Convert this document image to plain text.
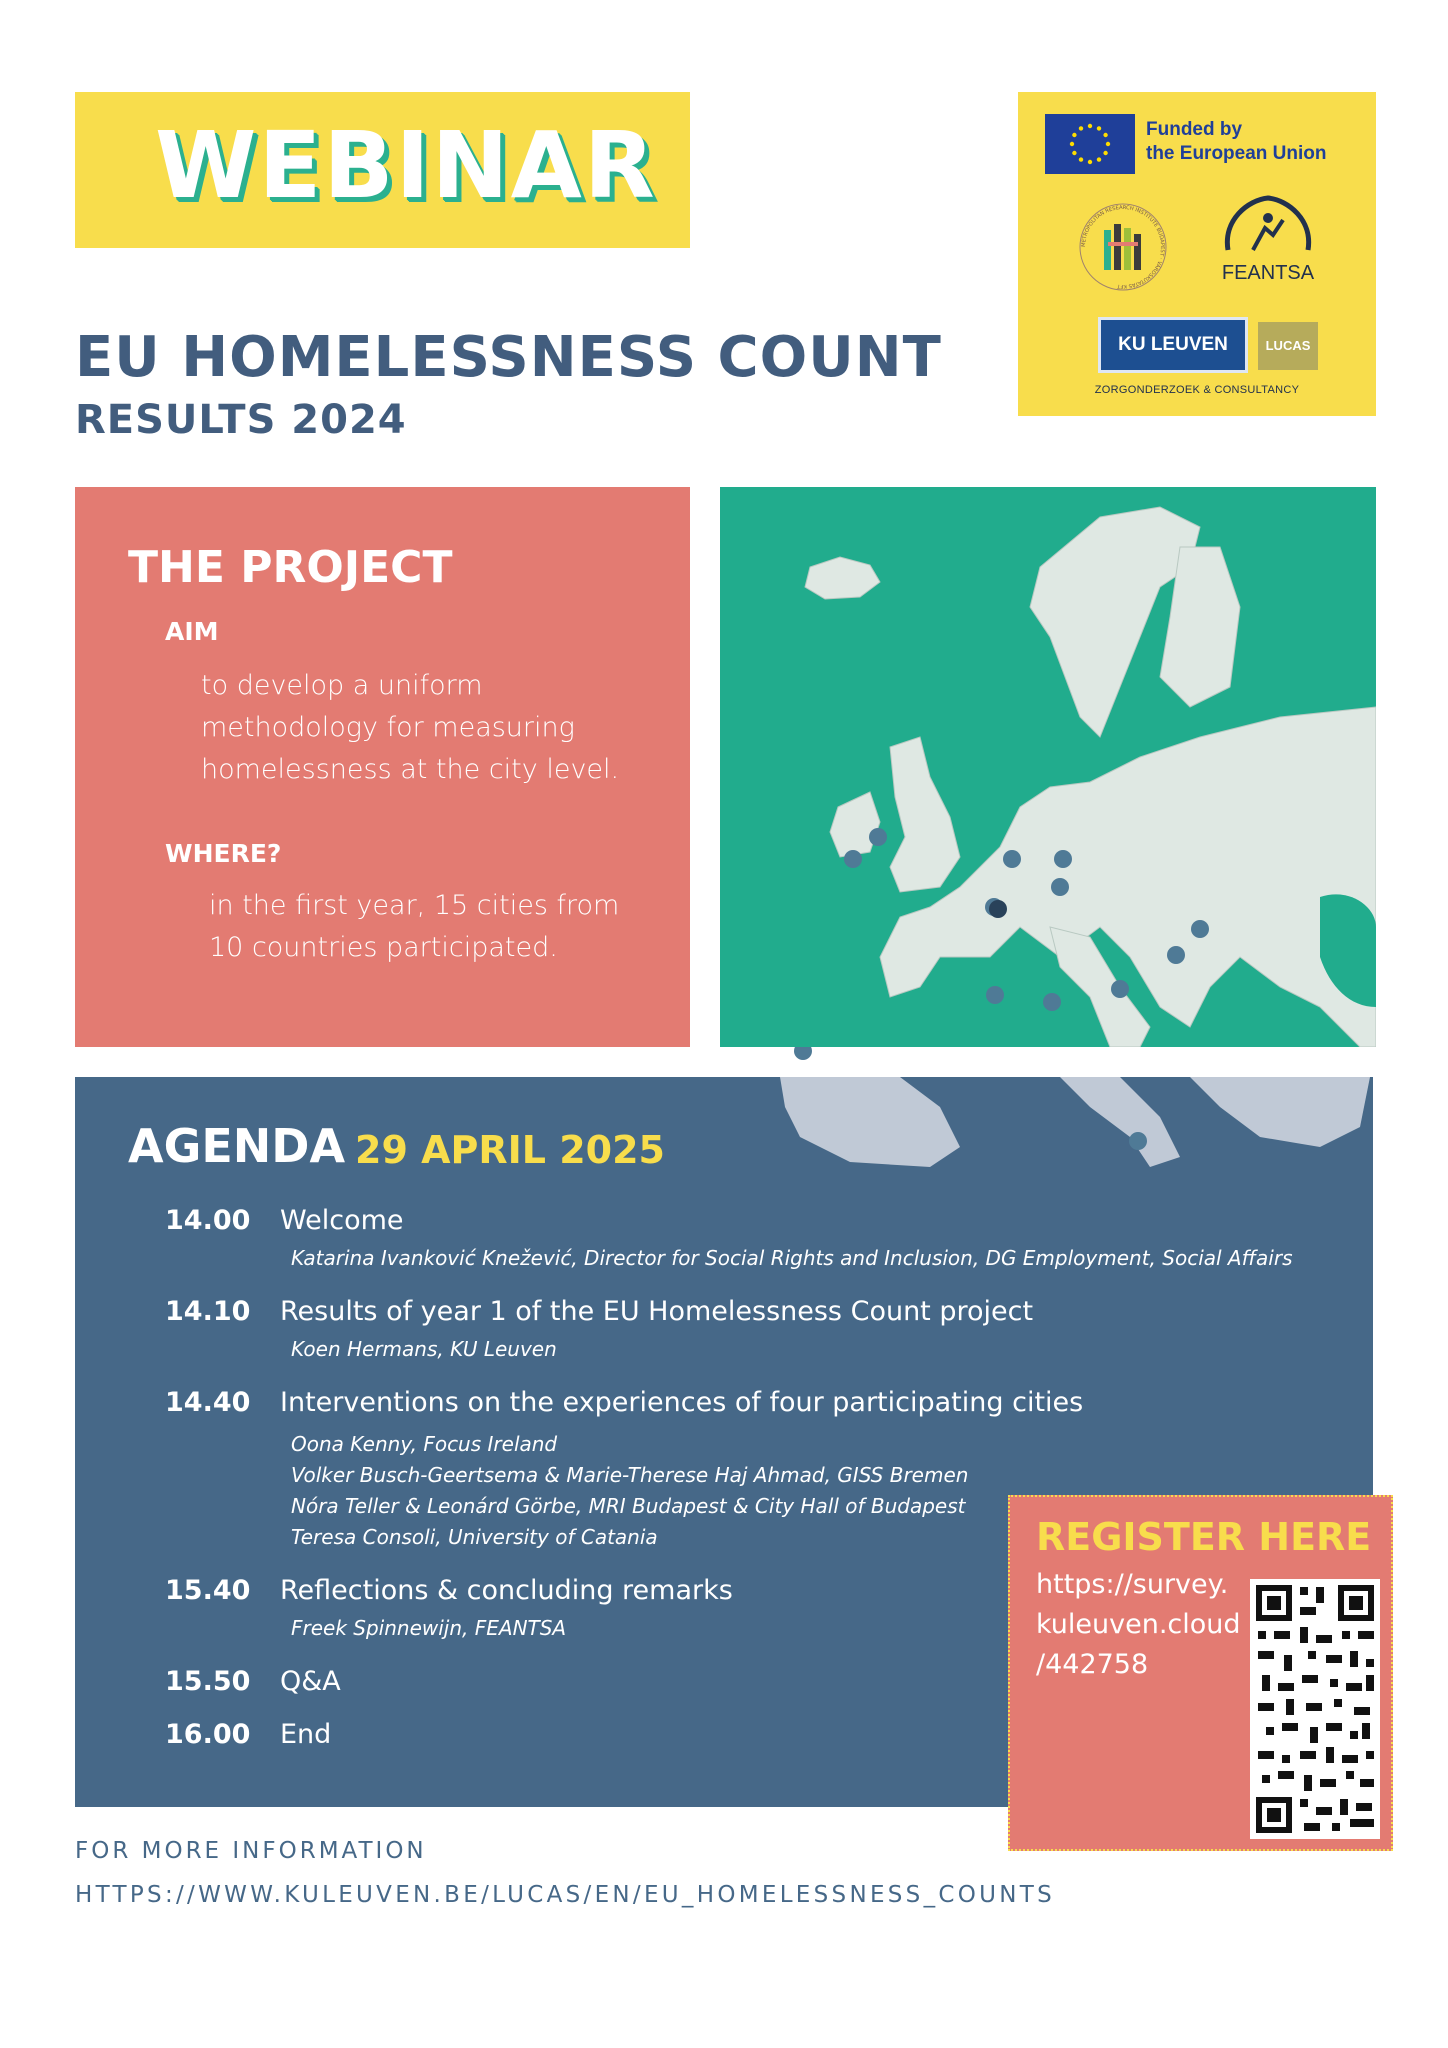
WEBINAR	Funded by
the European Union
METROPOLITAN RESEARCH INSTITUTE BUDAPEST · VÁROSKUTATÁS KFT
FEANTSA
KU LEUVEN	LUCAS
ZORGONDERZOEK & CONSULTANCY
EU HOMELESSNESS COUNT
RESULTS 2024
THE PROJECT
AIM
to develop a uniform
methodology for measuring
homelessness at the city level.
WHERE?
in the first year, 15 cities from
10 countries participated.
AGENDA 29 APRIL 2025
14.00 Welcome
Katarina Ivanković Knežević, Director for Social Rights and Inclusion, DG Employment, Social Affairs
14.10 Results of year 1 of the EU Homelessness Count project
Koen Hermans, KU Leuven
14.40 Interventions on the experiences of four participating cities
Oona Kenny, Focus Ireland
Volker Busch-Geertsema & Marie-Therese Haj Ahmad, GISS Bremen
Nóra Teller & Leonárd Görbe, MRI Budapest & City Hall of Budapest
Teresa Consoli, University of Catania
15.40 Reflections & concluding remarks
Freek Spinnewijn, FEANTSA
15.50 Q&A
16.00 End
REGISTER HERE
https://survey.
kuleuven.cloud
/442758
FOR MORE INFORMATION
HTTPS://WWW.KULEUVEN.BE/LUCAS/EN/EU_HOMELESSNESS_COUNTS
